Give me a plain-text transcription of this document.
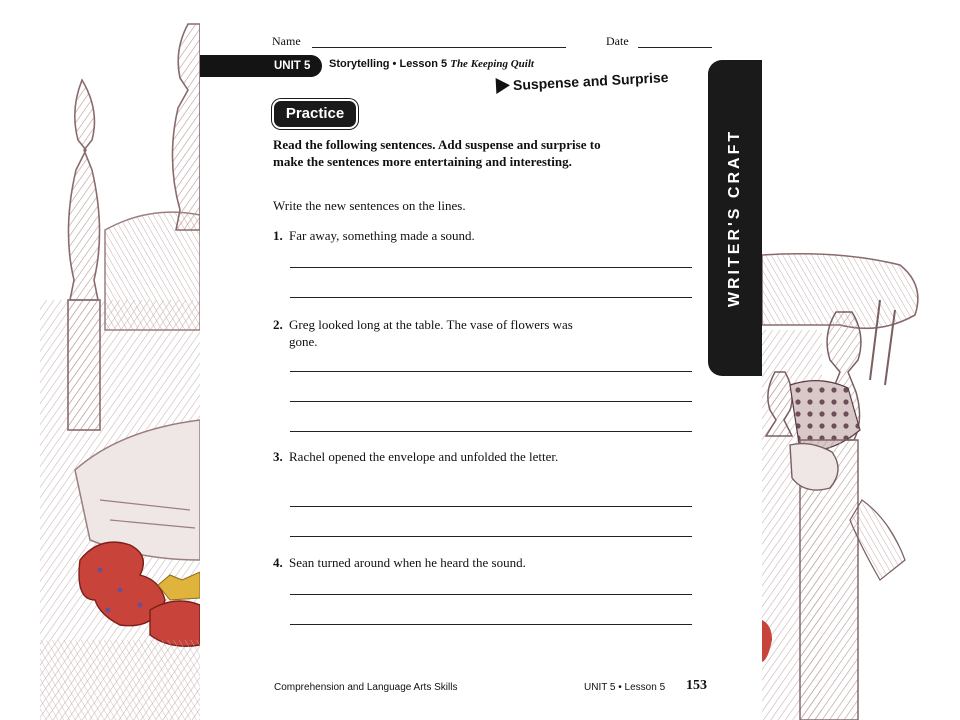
Name	Date
UNIT 5	Storytelling • Lesson 5 The Keeping Quilt
Suspense and Surprise
Practice
Read the following sentences. Add suspense and surprise to make the sentences more entertaining and interesting.
Write the new sentences on the lines.
1. Far away, something made a sound.
2. Greg looked long at the table. The vase of flowers was gone.
3. Rachel opened the envelope and unfolded the letter.
4. Sean turned around when he heard the sound.
Comprehension and Language Arts Skills	UNIT 5 • Lesson 5 153
WRITER'S CRAFT
